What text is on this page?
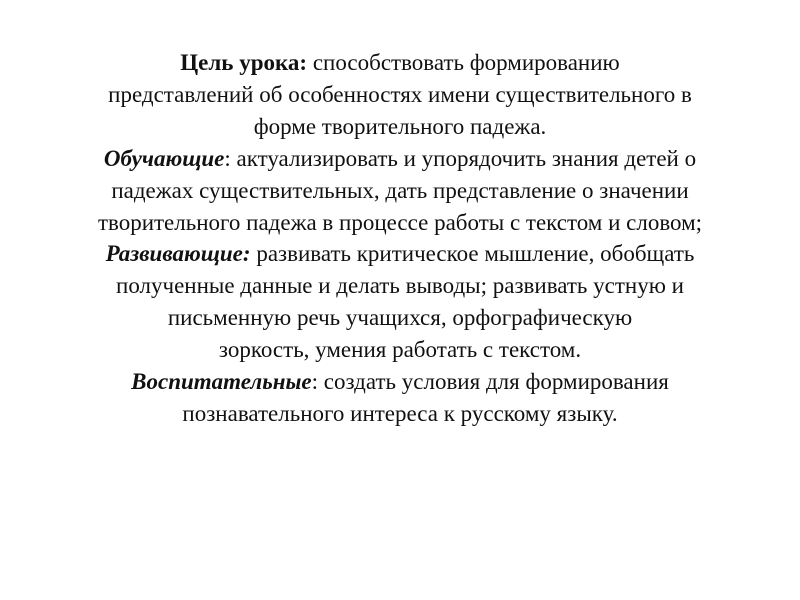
Цель урока: способствовать формированию
представлений об особенностях имени существительного в
форме творительного падежа.
Обучающие: актуализировать и упорядочить знания детей о
падежах существительных, дать представление о значении
творительного падежа в процессе работы с текстом и словом;
Развивающие: развивать критическое мышление, обобщать
полученные данные и делать выводы; развивать устную и
письменную речь учащихся, орфографическую
зоркость, умения работать с текстом.
Воспитательные: создать условия для формирования
познавательного интереса к русскому языку.
